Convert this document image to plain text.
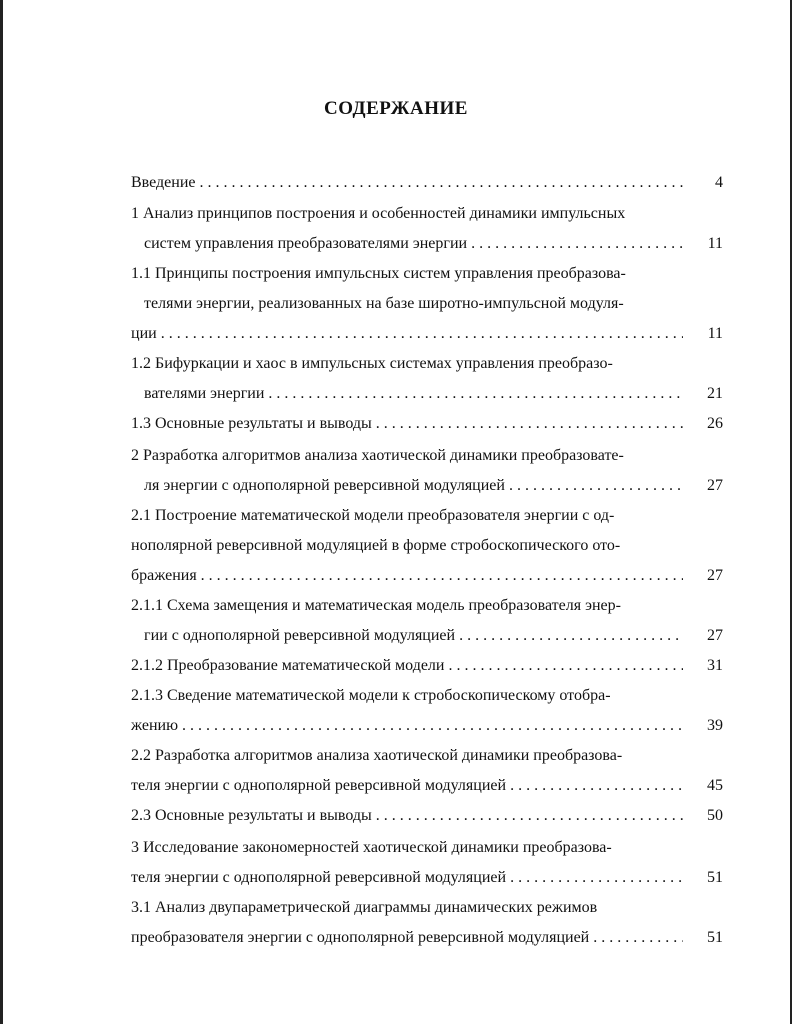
СОДЕРЖАНИЕ
Введение . . .	4
1 Анализ принципов построения и особенностей динамики импульсных
систем управления преобразователями энергии . . .	11
1.1 Принципы построения импульсных систем управления преобразова-
телями энергии, реализованных на базе широтно-импульсной модуля-
ции . . .	11
1.2 Бифуркации и хаос в импульсных системах управления преобразо-
вателями энергии . . .	21
1.3 Основные результаты и выводы . . .	26
2 Разработка алгоритмов анализа хаотической динамики преобразовате-
ля энергии с однополярной реверсивной модуляцией . . .	27
2.1 Построение математической модели преобразователя энергии с од-
нополярной реверсивной модуляцией в форме стробоскопического ото-
бражения . . .	27
2.1.1 Схема замещения и математическая модель преобразователя энер-
гии с однополярной реверсивной модуляцией . . .	27
2.1.2 Преобразование математической модели . . .	31
2.1.3 Сведение математической модели к стробоскопическому отобра-
жению . . .	39
2.2 Разработка алгоритмов анализа хаотической динамики преобразова-
теля энергии с однополярной реверсивной модуляцией . . .	45
2.3 Основные результаты и выводы . . .	50
3 Исследование закономерностей хаотической динамики преобразова-
теля энергии с однополярной реверсивной модуляцией . . .	51
3.1 Анализ двупараметрической диаграммы динамических режимов
преобразователя энергии с однополярной реверсивной модуляцией . . .	51
